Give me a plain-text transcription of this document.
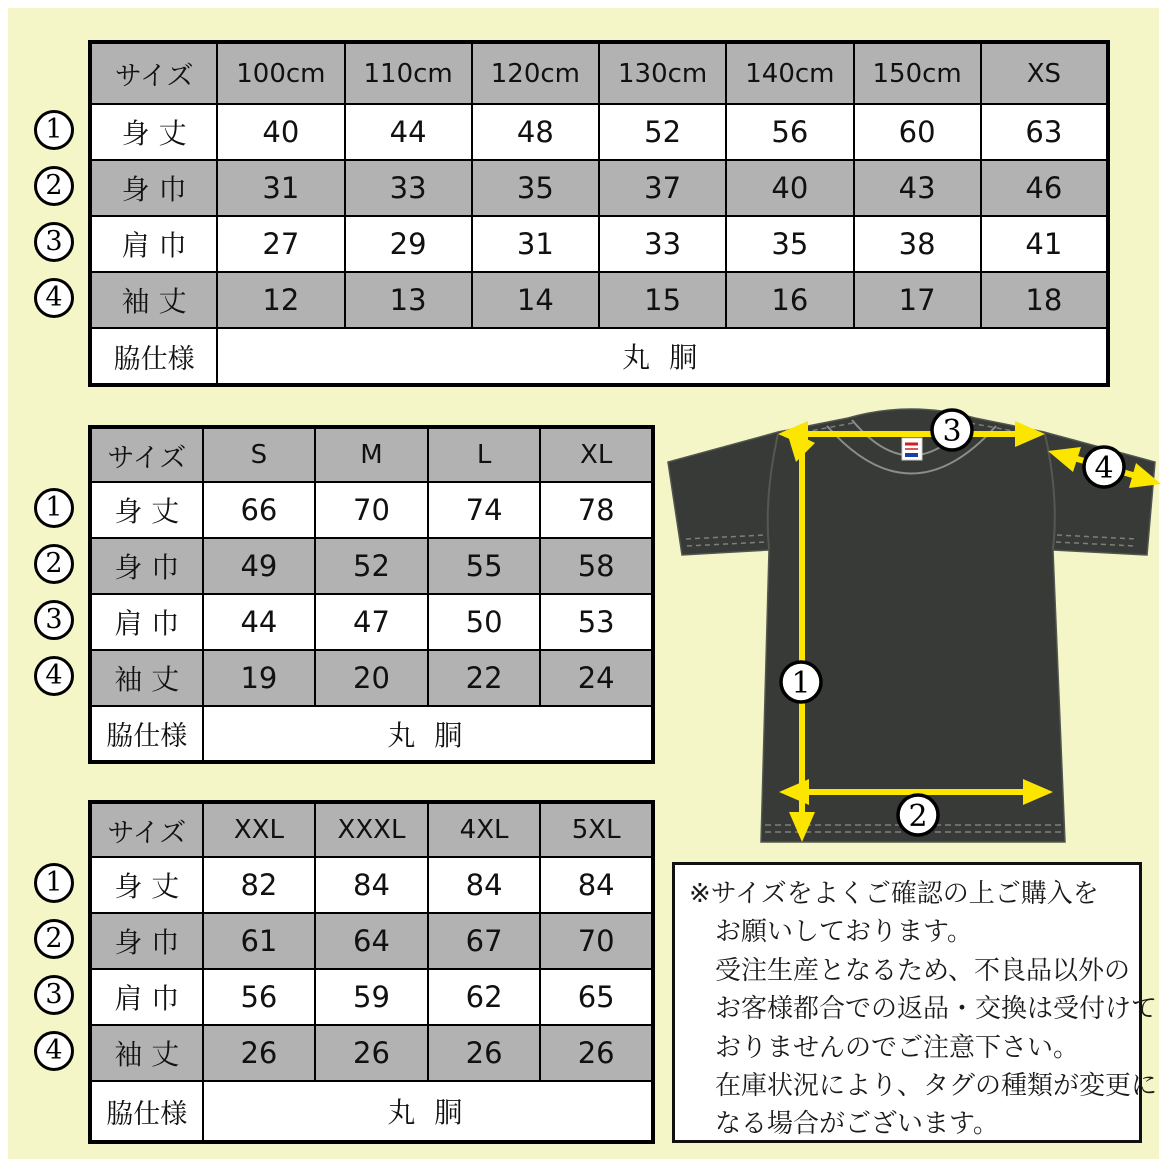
サイズ	100cm	110cm	120cm	130cm	140cm	150cm	XS
身 丈	40	44	48	52	56	60	63
身 巾	31	33	35	37	40	43	46
肩 巾	27	29	31	33	35	38	41
袖 丈	12	13	14	15	16	17	18
脇仕様	丸 胴						
サイズ	S	M	L	XL
身 丈	66	70	74	78
身 巾	49	52	55	58
肩 巾	44	47	50	53
袖 丈	19	20	22	24
脇仕様	丸 胴			
サイズ	XXL	XXXL	4XL	5XL
身 丈	82	84	84	84
身 巾	61	64	67	70
肩 巾	56	59	62	65
袖 丈	26	26	26	26
脇仕様	丸 胴			
3
4
1
2
※サイズをよくご確認の上ご購入を
お願いしております。
受注生産となるため、不良品以外の
お客様都合での返品・交換は受付けて
おりませんのでご注意下さい。
在庫状況により、タグの種類が変更に
なる場合がございます。
1
2
3
4
1
2
3
4
1
2
3
4
